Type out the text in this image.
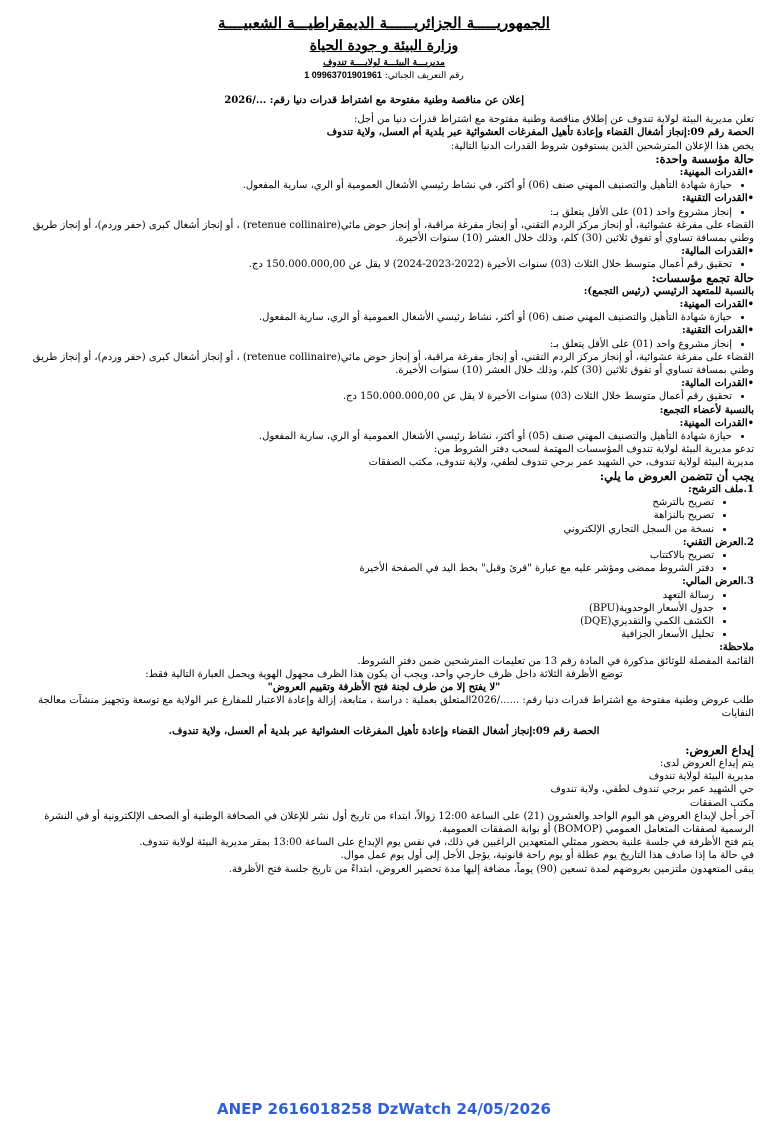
الجمهوريـــــة الجزائريــــــة الديمقراطيـــة الشعبيــــة
وزارة البيئة و جودة الحياة
مديريـــة البيئـــة لولايــــة تندوف
رقم التعريف الجبائي: 09963701901961 1

إعلان عن مناقصة وطنية مفتوحة مع اشتراط قدرات دنيا رقم: .../2026

تعلن مديرية البيئة لولاية تندوف عن إطلاق مناقصة وطنية مفتوحة مع اشتراط قدرات دنيا من أجل:

الحصة رقم 09:إنجاز أشغال القضاء وإعادة تأهيل المفرغات العشوائية عبر بلدية أم العسل، ولاية تندوف

يخص هذا الإعلان المترشحين الذين يستوفون شروط القدرات الدنيا التالية:

حالة مؤسسة واحدة:

•القدرات المهنية:

• حيازة شهادة التأهيل والتصنيف المهني صنف (06) أو أكثر، في نشاط رئيسي الأشغال العمومية أو الري، سارية المفعول.

•القدرات التقنية:

• إنجاز مشروع واحد (01) على الأقل يتعلق بـ:

القضاء على مفرغة عشوائية، أو إنجاز مركز الردم التقني، أو إنجاز مفرغة مراقبة، أو إنجاز حوض مائي(retenue collinaire) ، أو إنجاز أشغال كبرى (حفر وردم)، أو إنجاز طريق وطني بمسافة تساوي أو تفوق ثلاثين (30) كلم، وذلك خلال العشر (10) سنوات الأخيرة.

•القدرات المالية:

• تحقيق رقم أعمال متوسط خلال الثلاث (03) سنوات الأخيرة (2022-2023-2024) لا يقل عن 150.000.000,00 دج.

حالة تجمع مؤسسات:

بالنسبة للمتعهد الرئيسي (رئيس التجمع):

•القدرات المهنية:

• حيازة شهادة التأهيل والتصنيف المهني صنف (06) أو أكثر، نشاط رئيسي الأشغال العمومية أو الري، سارية المفعول.

•القدرات التقنية:

• إنجاز مشروع واحد (01) على الأقل يتعلق بـ:

القضاء على مفرغة عشوائية، أو إنجاز مركز الردم التقني، أو إنجاز مفرغة مراقبة، أو إنجاز حوض مائي(retenue collinaire) ، أو إنجاز أشغال كبرى (حفر وردم)، أو إنجاز طريق وطني بمسافة تساوي أو تفوق ثلاثين (30) كلم، وذلك خلال العشر (10) سنوات الأخيرة.

•القدرات المالية:

• تحقيق رقم أعمال متوسط خلال الثلاث (03) سنوات الأخيرة لا يقل عن 150.000.000,00 دج.

بالنسبة لأعضاء التجمع:

•القدرات المهنية:

• حيازة شهادة التأهيل والتصنيف المهني صنف (05) أو أكثر، نشاط رئيسي الأشغال العمومية أو الري، سارية المفعول.

تدعو مديرية البيئة لولاية تندوف المؤسسات المهتمة لسحب دفتر الشروط من:

مديرية البيئة لولاية تندوف، حي الشهيد عمر برجي تندوف لطفي، ولاية تندوف، مكتب الصفقات

يجب أن تتضمن العروض ما يلي:

1.ملف الترشح:

• تصريح بالترشح
• تصريح بالنزاهة
• نسخة من السجل التجاري الإلكتروني

2.العرض التقني:

• تصريح بالاكتتاب
• دفتر الشروط ممضى ومؤشر عليه مع عبارة "قرئ وقبل" بخط اليد في الصفحة الأخيرة

3.العرض المالي:

• رسالة التعهد
• جدول الأسعار الوحدوية(BPU)
• الكشف الكمي والتقديري(DQE)
• تحليل الأسعار الجزافية

ملاحظة:

القائمة المفصلة للوثائق مذكورة في المادة رقم 13 من تعليمات المترشحين ضمن دفتر الشروط.

توضع الأظرفة الثلاثة داخل ظرف خارجي واحد، ويجب أن يكون هذا الظرف مجهول الهوية ويحمل العبارة التالية فقط:

"لا يفتح إلا من طرف لجنة فتح الأظرفة وتقييم العروض"

طلب عروض وطنية مفتوحة مع اشتراط قدرات دنيا رقم: ....../2026المتعلق بعملية : دراسة ، متابعة، إزالة وإعادة الاعتبار للمفارغ عبر الولاية مع توسعة وتجهيز منشآت معالجة النفايات

الحصة رقم 09:إنجاز أشغال القضاء وإعادة تأهيل المفرغات العشوائية عبر بلدية أم العسل، ولاية تندوف.

إيداع العروض:

يتم إيداع العروض لدى:

مديرية البيئة لولاية تندوف

حي الشهيد عمر برجي تندوف لطفي، ولاية تندوف

مكتب الصفقات

آخر أجل لإيداع العروض هو اليوم الواحد والعشرون (21) على الساعة 12:00 زوالاً، ابتداء من تاريخ أول نشر للإعلان في الصحافة الوطنية أو الصحف الإلكترونية أو في النشرة الرسمية لصفقات المتعامل العمومي (BOMOP) أو بوابة الصفقات العمومية.

يتم فتح الأظرفة في جلسة علنية بحضور ممثلي المتعهدين الراغبين في ذلك، في نفس يوم الإيداع على الساعة 13:00 بمقر مديرية البيئة لولاية تندوف.

في حالة ما إذا صادف هذا التاريخ يوم عطلة أو يوم راحة قانونية، يؤجل الأجل إلى أول يوم عمل موال.

يبقى المتعهدون ملتزمين بعروضهم لمدة تسعين (90) يوماً، مضافة إليها مدة تحضير العروض، ابتداءً من تاريخ جلسة فتح الأظرفة.

ANEP 2616018258 DzWatch 24/05/2026
